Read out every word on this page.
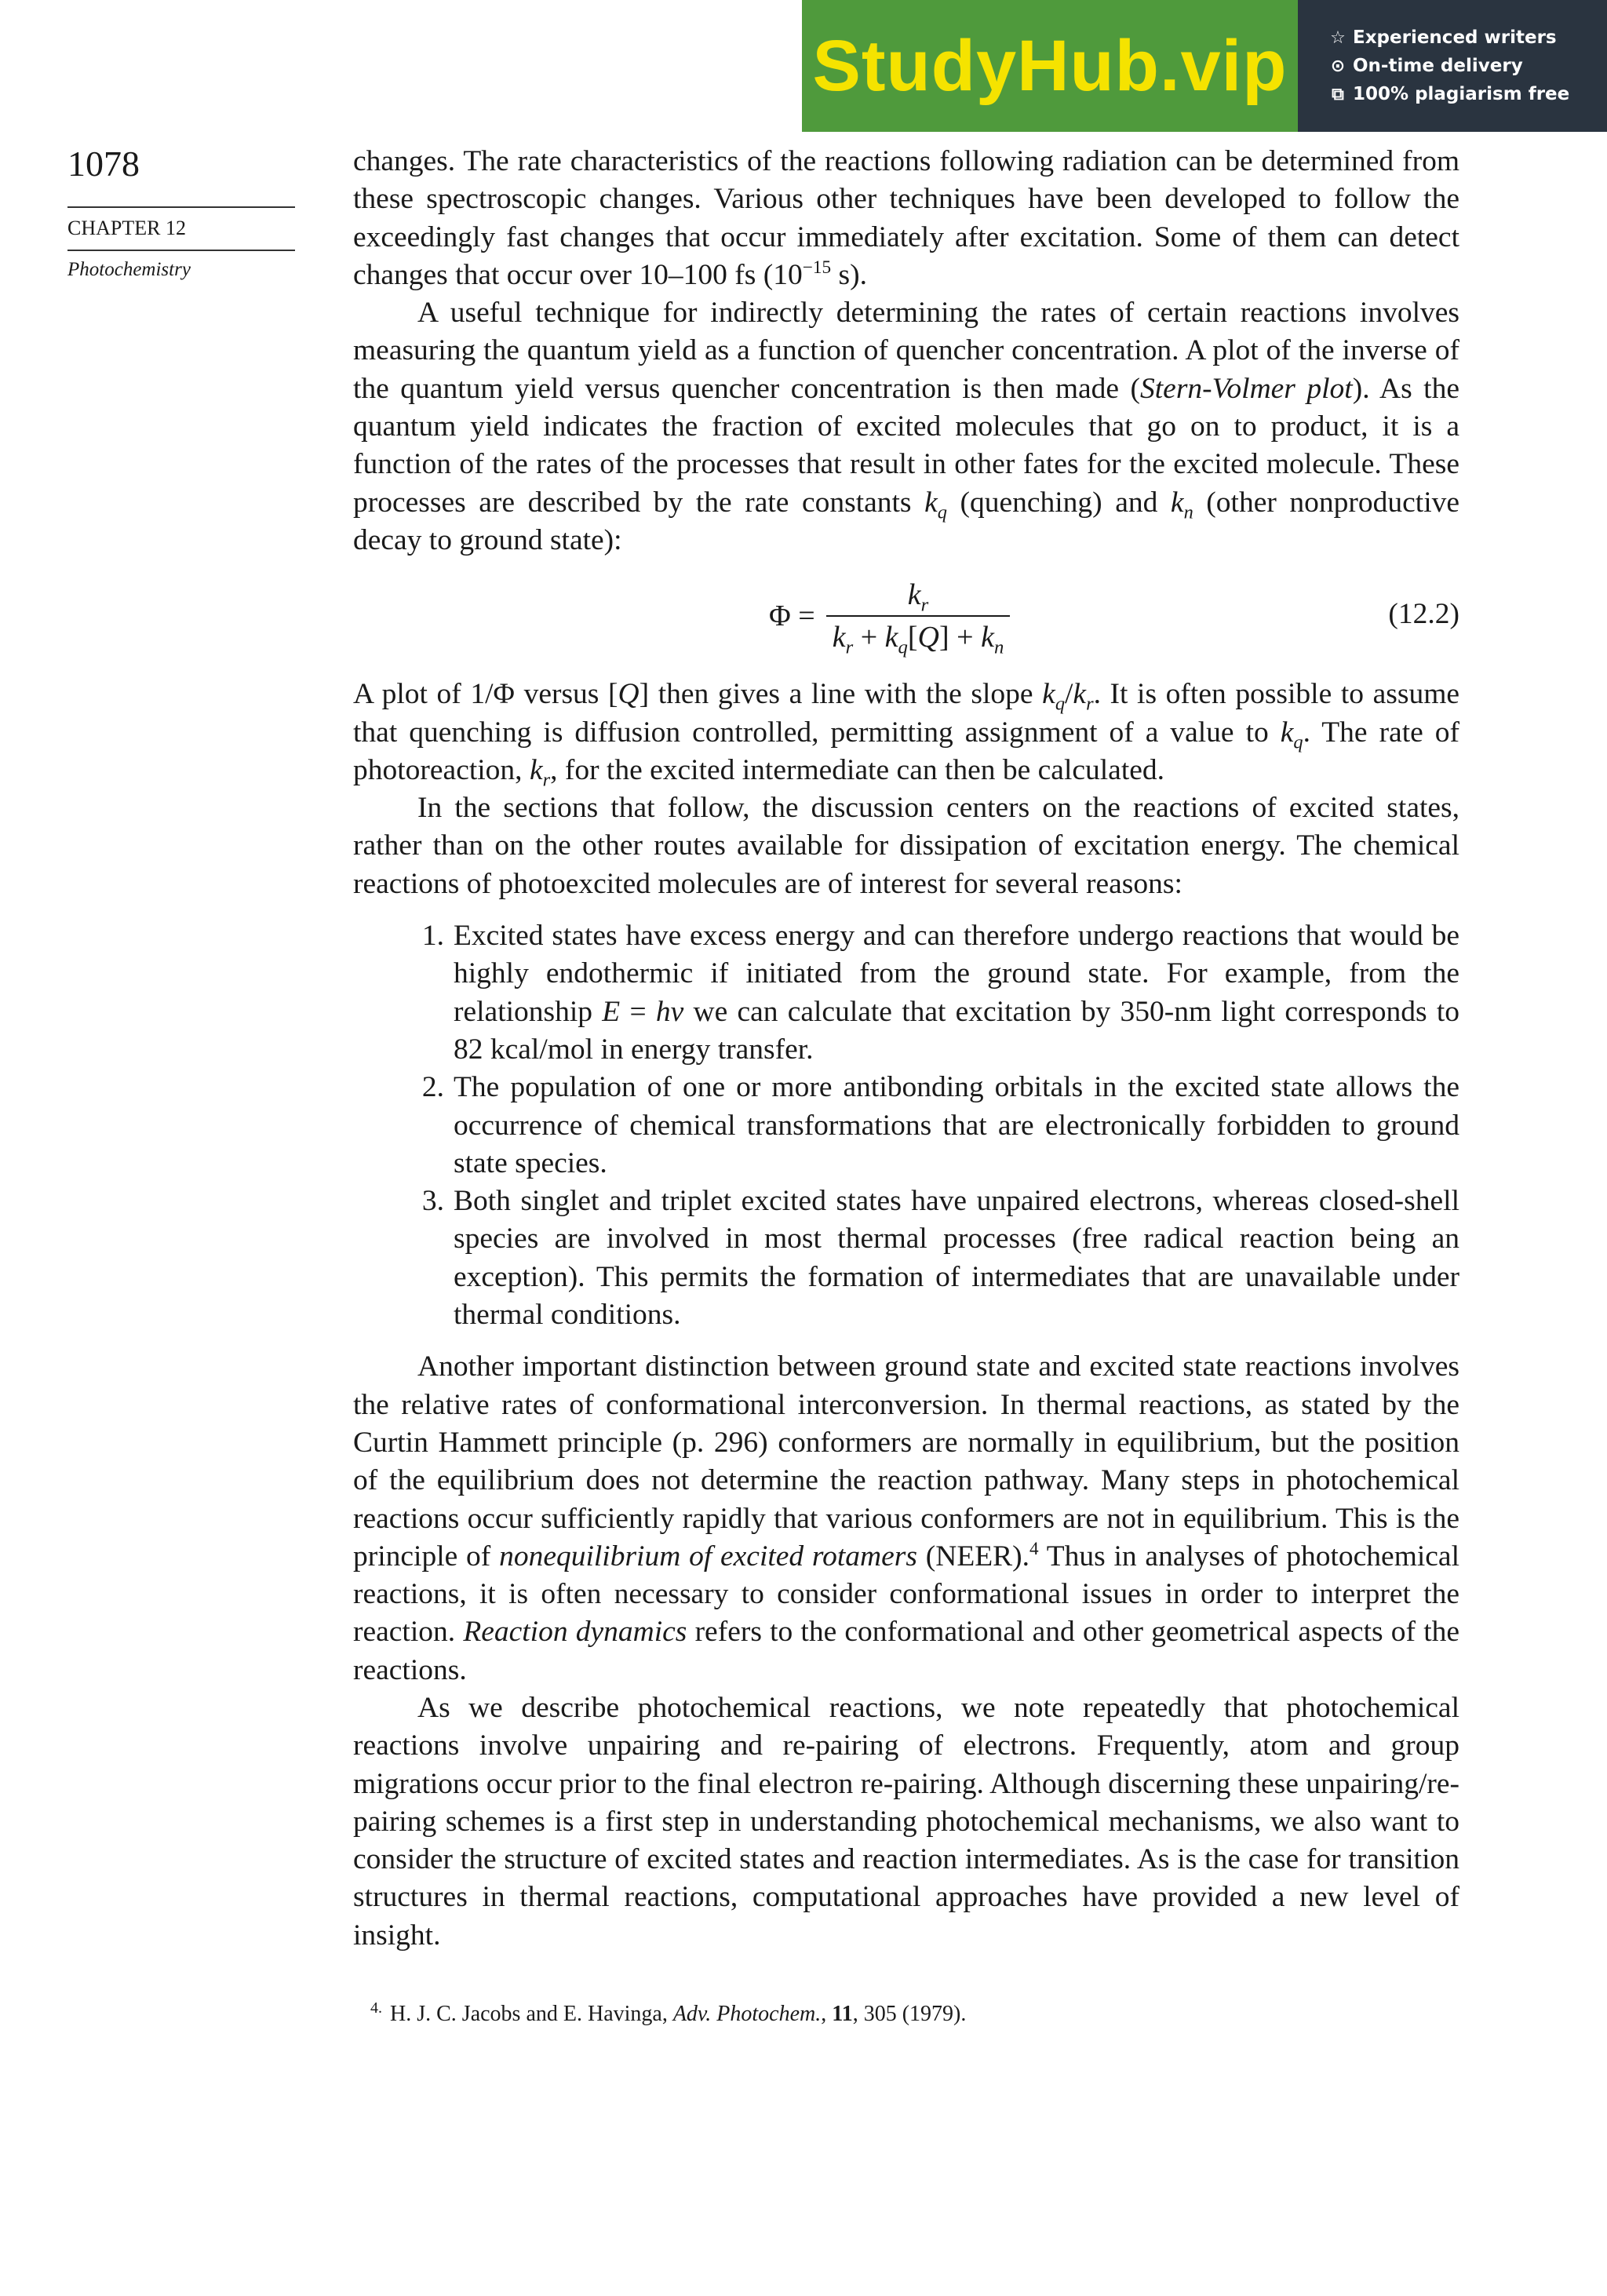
StudyHub.vip	☆ Experienced writers
⊙ On-time delivery
⧉ 100% plagiarism free
1078
CHAPTER 12
Photochemistry

changes. The rate characteristics of the reactions following radiation can be determined from these spectroscopic changes. Various other techniques have been developed to follow the exceedingly fast changes that occur immediately after excitation. Some of them can detect changes that occur over 10–100 fs ($10^{-15}$ s).

A useful technique for indirectly determining the rates of certain reactions involves measuring the quantum yield as a function of quencher concentration. A plot of the inverse of the quantum yield versus quencher concentration is then made (Stern-Volmer plot). As the quantum yield indicates the fraction of excited molecules that go on to product, it is a function of the rates of the processes that result in other fates for the excited molecule. These processes are described by the rate constants $k_q$ (quenching) and $k_n$ (other nonproductive decay to ground state):

$\Phi = \frac{k_r}{k_r + k_q[Q] + k_n}$	(12.2)

A plot of 1/Φ versus [Q] then gives a line with the slope $k_q/k_r$. It is often possible to assume that quenching is diffusion controlled, permitting assignment of a value to $k_q$. The rate of photoreaction, $k_r$, for the excited intermediate can then be calculated.

In the sections that follow, the discussion centers on the reactions of excited states, rather than on the other routes available for dissipation of excitation energy. The chemical reactions of photoexcited molecules are of interest for several reasons:

1. Excited states have excess energy and can therefore undergo reactions that would be highly endothermic if initiated from the ground state. For example, from the relationship E = hν we can calculate that excitation by 350-nm light corresponds to 82 kcal/mol in energy transfer.
2. The population of one or more antibonding orbitals in the excited state allows the occurrence of chemical transformations that are electronically forbidden to ground state species.
3. Both singlet and triplet excited states have unpaired electrons, whereas closed-shell species are involved in most thermal processes (free radical reaction being an exception). This permits the formation of intermediates that are unavailable under thermal conditions.

Another important distinction between ground state and excited state reactions involves the relative rates of conformational interconversion. In thermal reactions, as stated by the Curtin Hammett principle (p. 296) conformers are normally in equilibrium, but the position of the equilibrium does not determine the reaction pathway. Many steps in photochemical reactions occur sufficiently rapidly that various conformers are not in equilibrium. This is the principle of nonequilibrium of excited rotamers (NEER).$^4$ Thus in analyses of photochemical reactions, it is often necessary to consider conformational issues in order to interpret the reaction. Reaction dynamics refers to the conformational and other geometrical aspects of the reactions.

As we describe photochemical reactions, we note repeatedly that photochemical reactions involve unpairing and re-pairing of electrons. Frequently, atom and group migrations occur prior to the final electron re-pairing. Although discerning these unpairing/re-pairing schemes is a first step in understanding photochemical mechanisms, we also want to consider the structure of excited states and reaction intermediates. As is the case for transition structures in thermal reactions, computational approaches have provided a new level of insight.

$^{4.}$ H. J. C. Jacobs and E. Havinga, Adv. Photochem., 11, 305 (1979).
